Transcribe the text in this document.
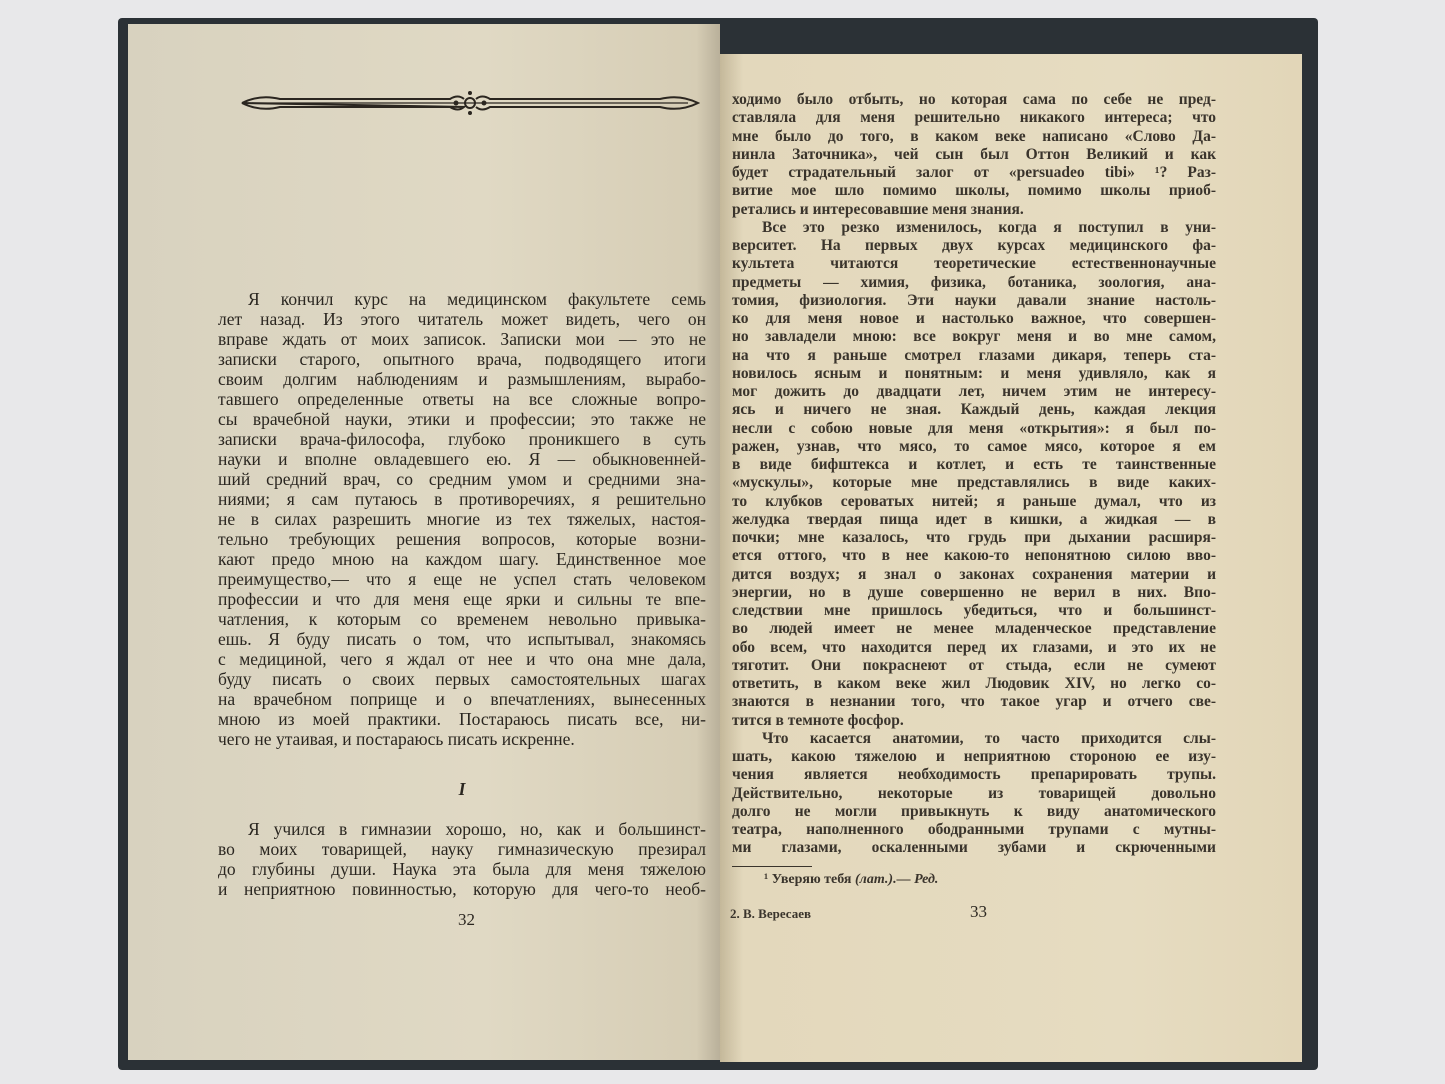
Я кончил курс на медицинском факультете семь
лет назад. Из этого читатель может видеть, чего он
вправе ждать от моих записок. Записки мои — это не
записки старого, опытного врача, подводящего итоги
своим долгим наблюдениям и размышлениям, вырабо-
тавшего определенные ответы на все сложные вопро-
сы врачебной науки, этики и профессии; это также не
записки врача-философа, глубоко проникшего в суть
науки и вполне овладевшего ею. Я — обыкновенней-
ший средний врач, со средним умом и средними зна-
ниями; я сам путаюсь в противоречиях, я решительно
не в силах разрешить многие из тех тяжелых, настоя-
тельно требующих решения вопросов, которые возни-
кают предо мною на каждом шагу. Единственное мое
преимущество,— что я еще не успел стать человеком
профессии и что для меня еще ярки и сильны те впе-
чатления, к которым со временем невольно привыка-
ешь. Я буду писать о том, что испытывал, знакомясь
с медициной, чего я ждал от нее и что она мне дала,
буду писать о своих первых самостоятельных шагах
на врачебном поприще и о впечатлениях, вынесенных
мною из моей практики. Постараюсь писать все, ни-
чего не утаивая, и постараюсь писать искренне.
I
Я учился в гимназии хорошо, но, как и большинст-
во моих товарищей, науку гимназическую презирал
до глубины души. Наука эта была для меня тяжелою
и неприятною повинностью, которую для чего-то необ-
32
ходимо было отбыть, но которая сама по себе не пред-
ставляла для меня решительно никакого интереса; что
мне было до того, в каком веке написано «Слово Да-
нинла Заточника», чей сын был Оттон Великий и как
будет страдательный залог от «persuadeo tibi» ¹? Раз-
витие мое шло помимо школы, помимо школы приоб-
ретались и интересовавшие меня знания.
Все это резко изменилось, когда я поступил в уни-
верситет. На первых двух курсах медицинского фа-
культета читаются теоретические естественнонаучные
предметы — химия, физика, ботаника, зоология, ана-
томия, физиология. Эти науки давали знание настоль-
ко для меня новое и настолько важное, что совершен-
но завладели мною: все вокруг меня и во мне самом,
на что я раньше смотрел глазами дикаря, теперь ста-
новилось ясным и понятным: и меня удивляло, как я
мог дожить до двадцати лет, ничем этим не интересу-
ясь и ничего не зная. Каждый день, каждая лекция
несли с собою новые для меня «открытия»: я был по-
ражен, узнав, что мясо, то самое мясо, которое я ем
в виде бифштекса и котлет, и есть те таинственные
«мускулы», которые мне представлялись в виде каких-
то клубков сероватых нитей; я раньше думал, что из
желудка твердая пища идет в кишки, а жидкая — в
почки; мне казалось, что грудь при дыхании расширя-
ется оттого, что в нее какою-то непонятною силою вво-
дится воздух; я знал о законах сохранения материи и
энергии, но в душе совершенно не верил в них. Впо-
следствии мне пришлось убедиться, что и большинст-
во людей имеет не менее младенческое представление
обо всем, что находится перед их глазами, и это их не
тяготит. Они покраснеют от стыда, если не сумеют
ответить, в каком веке жил Людовик XIV, но легко со-
знаются в незнании того, что такое угар и отчего све-
тится в темноте фосфор.
Что касается анатомии, то часто приходится слы-
шать, какою тяжелою и неприятною стороною ее изу-
чения является необходимость препарировать трупы.
Действительно, некоторые из товарищей довольно
долго не могли привыкнуть к виду анатомического
театра, наполненного ободранными трупами с мутны-
ми глазами, оскаленными зубами и скрюченными
¹ Уверяю тебя (лат.).— Ред.
2. В. Вересаев	33
